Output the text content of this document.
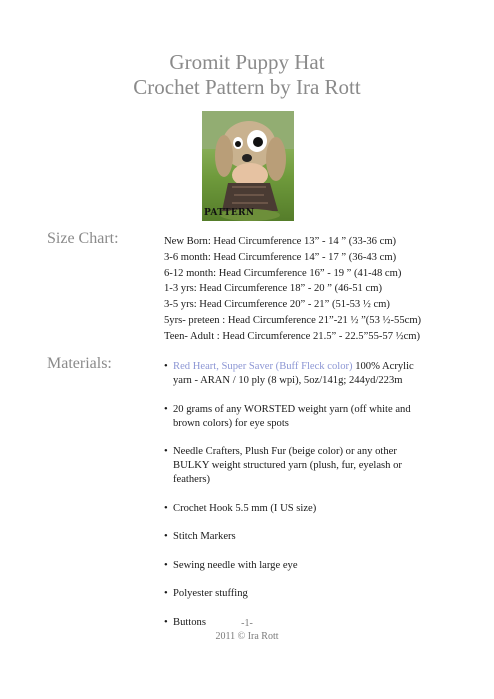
Gromit Puppy Hat
Crochet Pattern by Ira Rott
PATTERN
Size Chart:	New Born: Head Circumference 13” - 14 ” (33-36 cm)
3-6 month: Head Circumference 14” - 17 ” (36-43 cm)
6-12 month: Head Circumference 16” - 19 ” (41-48 cm)
1-3 yrs: Head Circumference 18” - 20 ” (46-51 cm)
3-5 yrs: Head Circumference 20” - 21” (51-53 ½ cm)
5yrs- preteen : Head Circumference 21”-21 ½ ”(53 ½-55cm)
Teen- Adult : Head Circumference 21.5” - 22.5”55-57 ½cm)
Materials:	• Red Heart, Super Saver (Buff Fleck color) 100% Acrylic
yarn - ARAN / 10 ply (8 wpi), 5oz/141g; 244yd/223m
• 20 grams of any WORSTED weight yarn (off white and
brown colors) for eye spots
• Needle Crafters, Plush Fur (beige color) or any other
BULKY weight structured yarn (plush, fur, eyelash or
feathers)
• Crochet Hook 5.5 mm (I US size)
• Stitch Markers
• Sewing needle with large eye
• Polyester stuffing
• Buttons	-1-
2011 © Ira Rott
